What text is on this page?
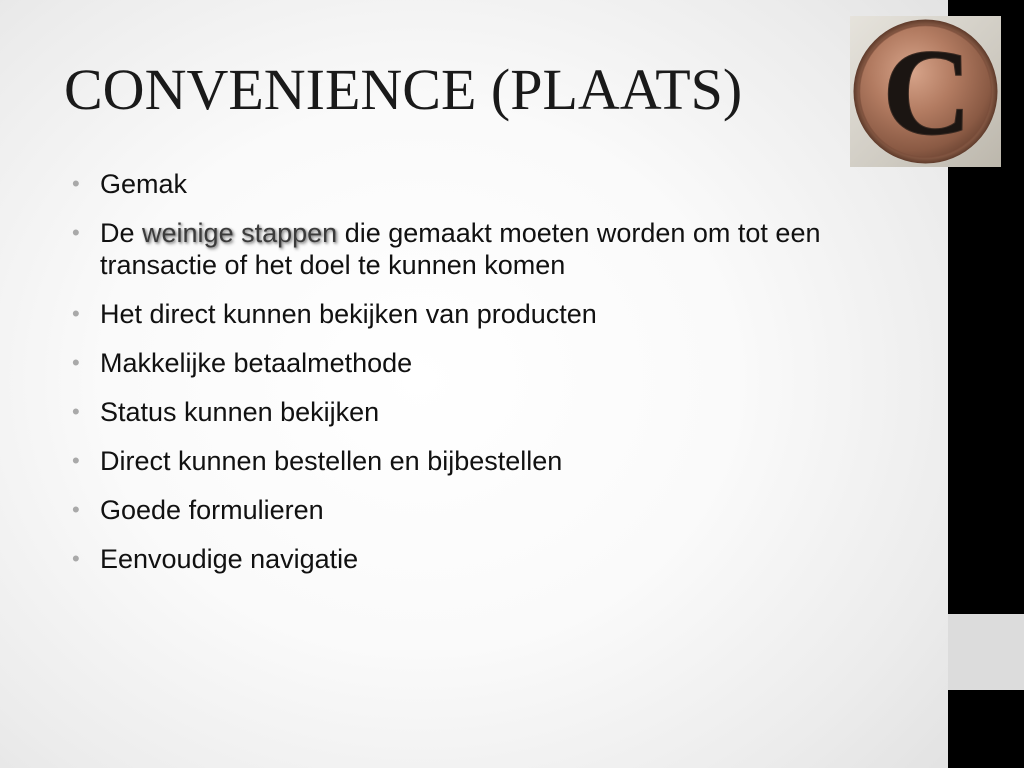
CONVENIENCE (PLAATS)
• Gemak
• De weinige stappen die gemaakt moeten worden om tot een
transactie of het doel te kunnen komen
• Het direct kunnen bekijken van producten
• Makkelijke betaalmethode
• Status kunnen bekijken
• Direct kunnen bestellen en bijbestellen
• Goede formulieren
• Eenvoudige navigatie
C
